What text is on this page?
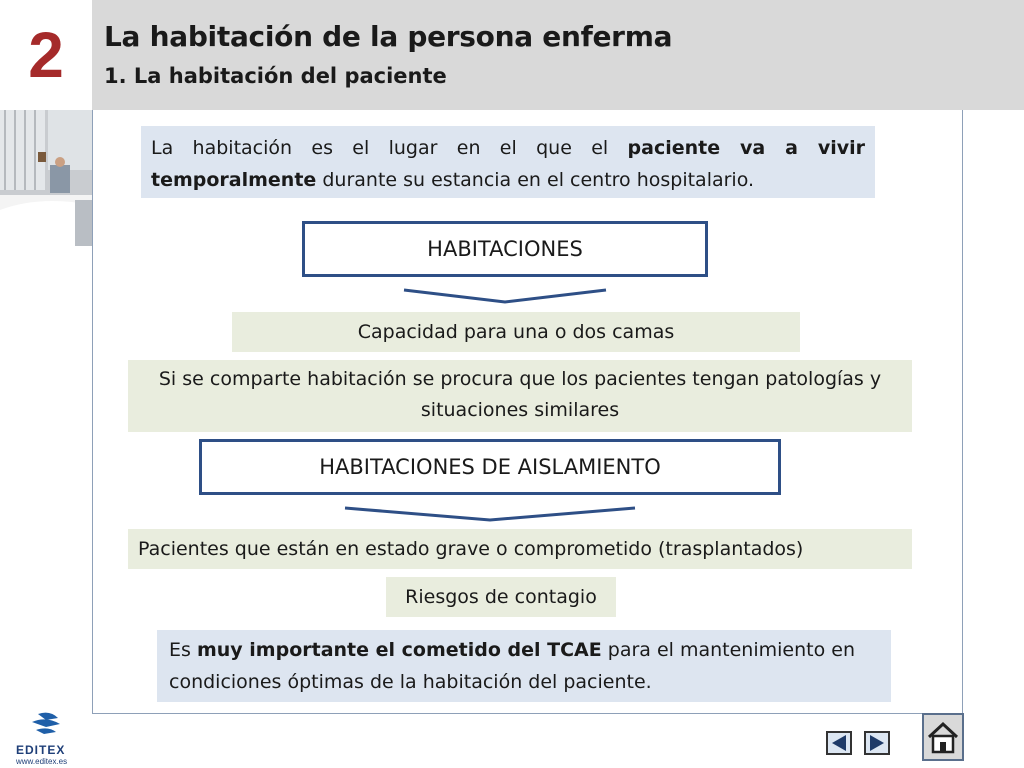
2	La habitación de la persona enferma
1. La habitación del paciente
La habitación es el lugar en el que el paciente va a vivir temporalmente durante su estancia en el centro hospitalario.
HABITACIONES
Capacidad para una o dos camas
Si se comparte habitación se procura que los pacientes tengan patologías y situaciones similares
HABITACIONES DE AISLAMIENTO
Pacientes que están en estado grave o comprometido (trasplantados)
Riesgos de contagio
Es muy importante el cometido del TCAE para el mantenimiento en condiciones óptimas de la habitación del paciente.
EDITEX
www.editex.es
